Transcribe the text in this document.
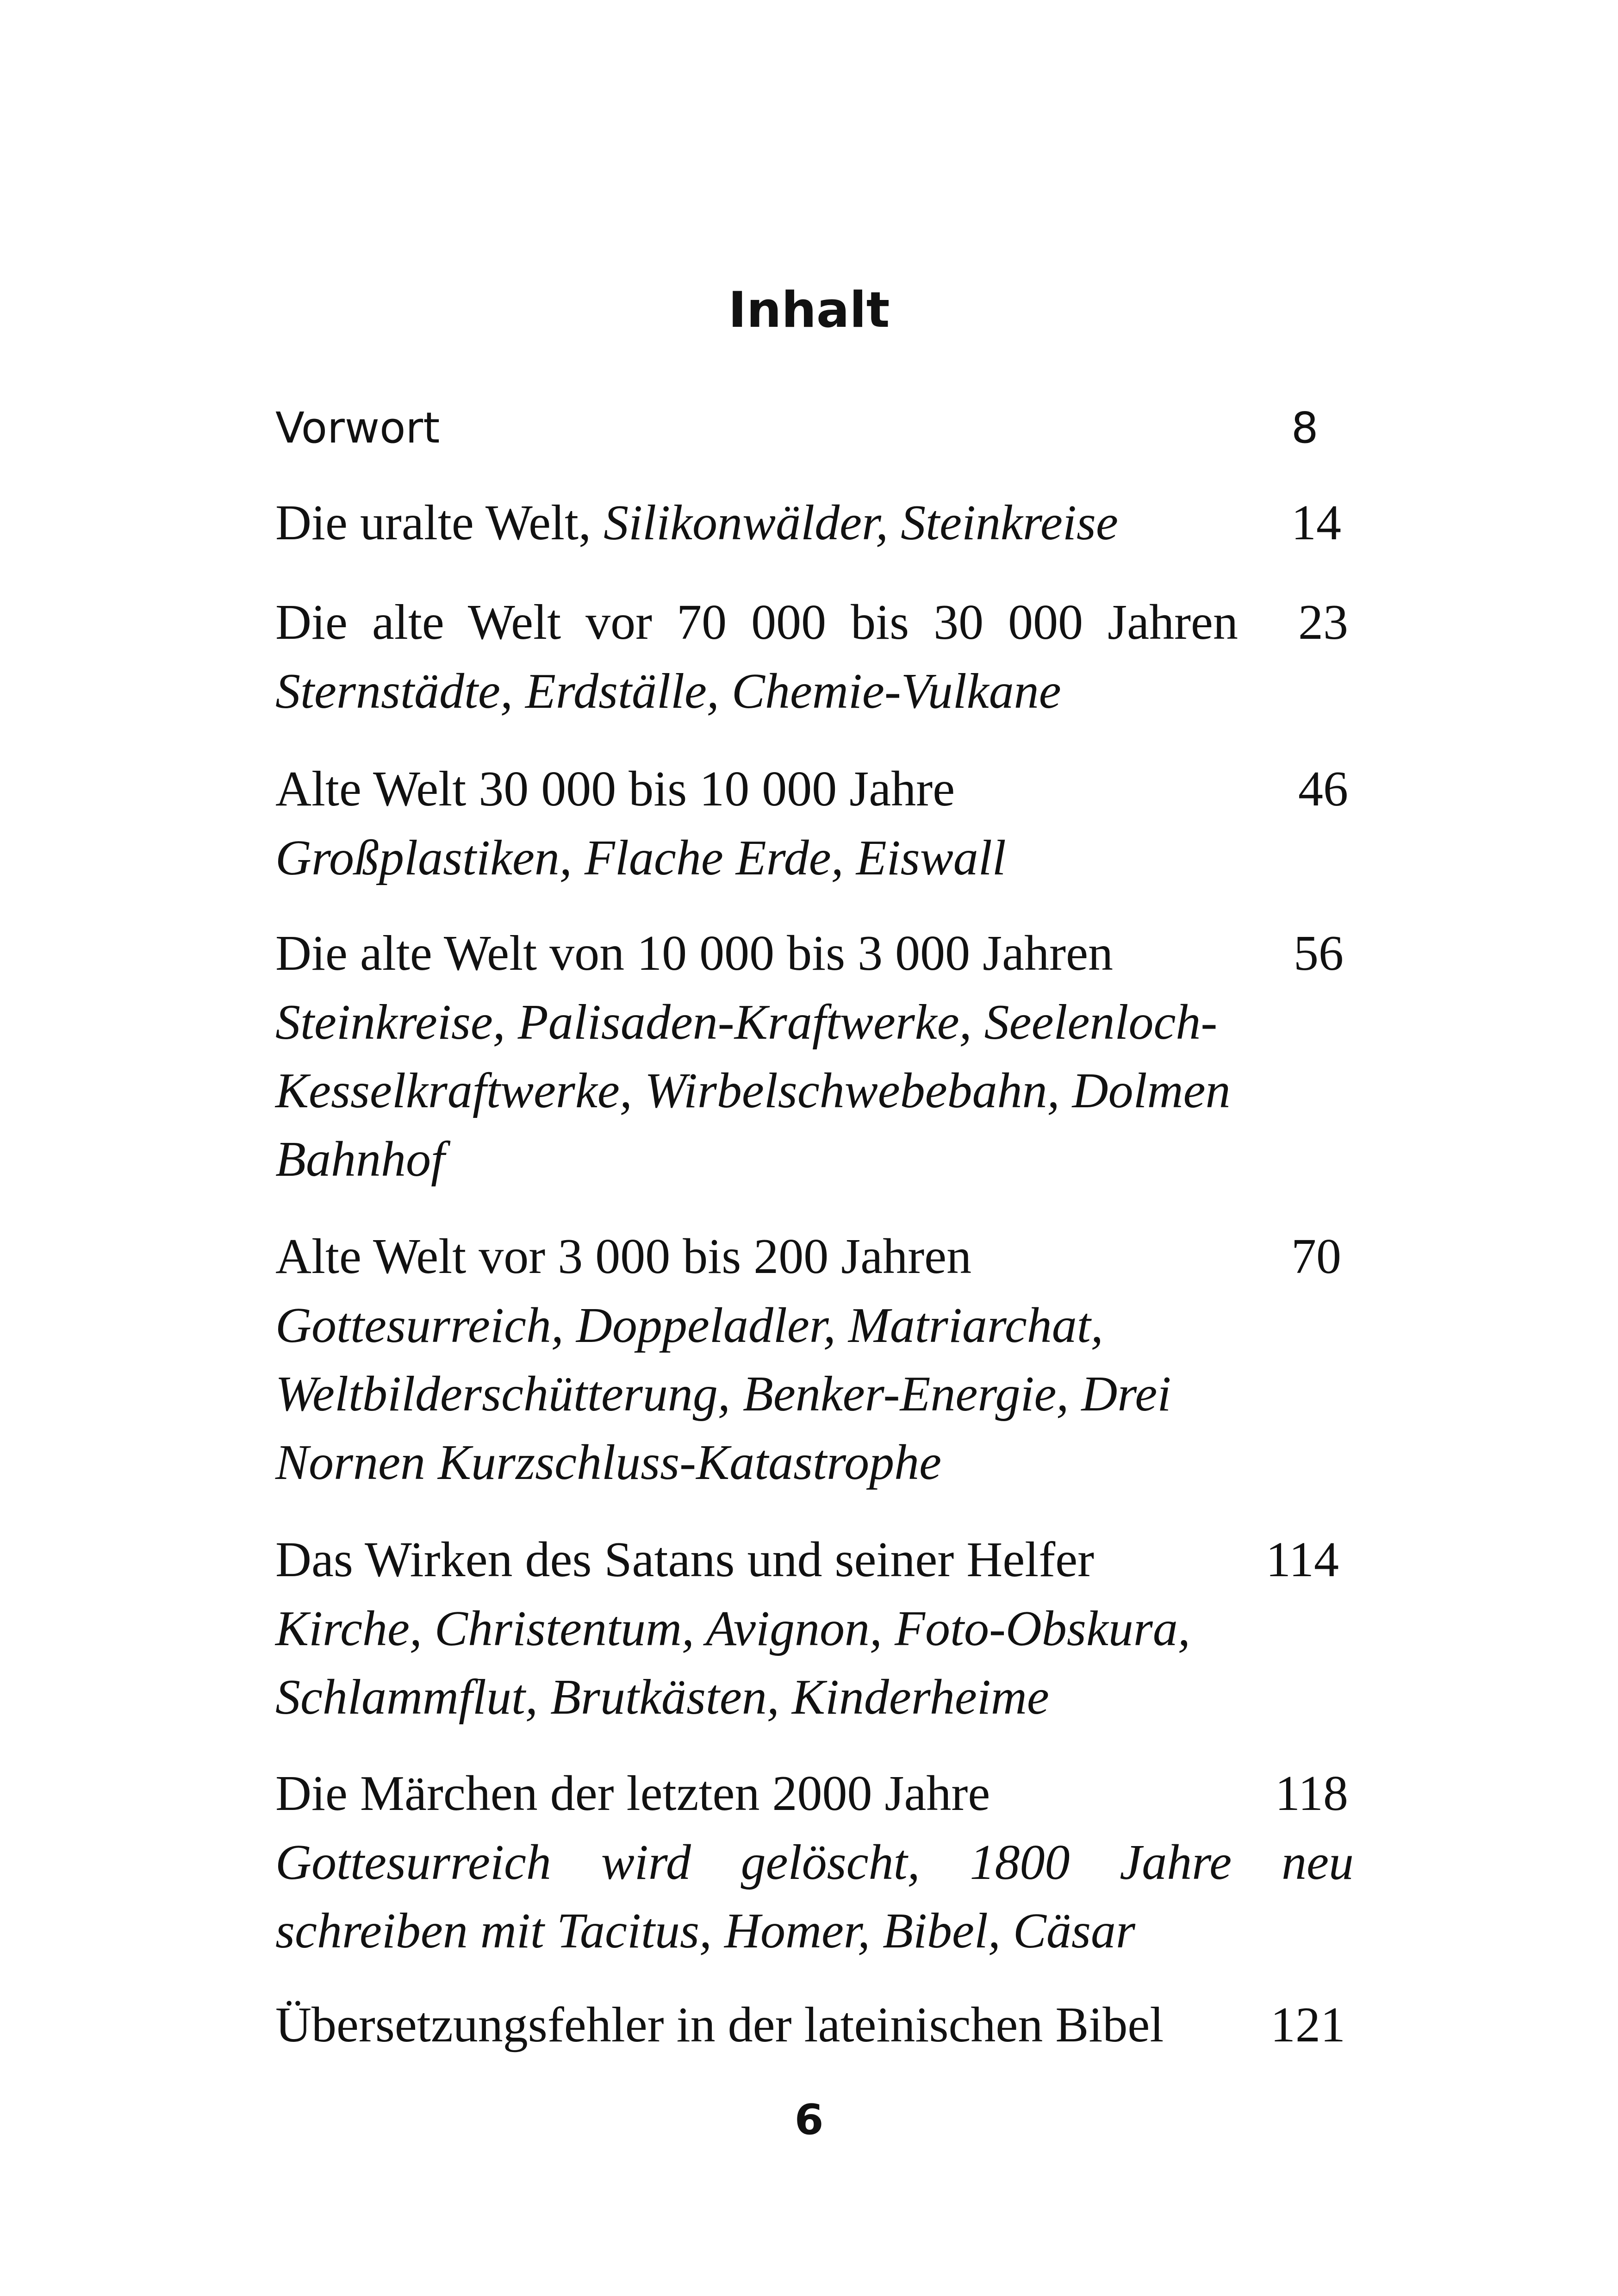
Inhalt
Vorwort	8
Die uralte Welt, Silikonwälder, Steinkreise	14
Die alte Welt vor 70 000 bis 30 000 Jahren 23

Sternstädte, Erdställe, Chemie-Vulkane

Alte Welt 30 000 bis 10 000 Jahre	46

Großplastiken, Flache Erde, Eiswall

Die alte Welt von 10 000 bis 3 000 Jahren	56

Steinkreise, Palisaden-Kraftwerke, Seelenloch-

Kesselkraftwerke, Wirbelschwebebahn, Dolmen

Bahnhof

Alte Welt vor 3 000 bis 200 Jahren	70

Gottesurreich, Doppeladler, Matriarchat,

Weltbilderschütterung, Benker-Energie, Drei

Nornen Kurzschluss-Katastrophe

Das Wirken des Satans und seiner Helfer	114

Kirche, Christentum, Avignon, Foto-Obskura,

Schlammflut, Brutkästen, Kinderheime

Die Märchen der letzten 2000 Jahre	118

Gottesurreich wird gelöscht, 1800 Jahre neu

schreiben mit Tacitus, Homer, Bibel, Cäsar

Übersetzungsfehler in der lateinischen Bibel 121
6
